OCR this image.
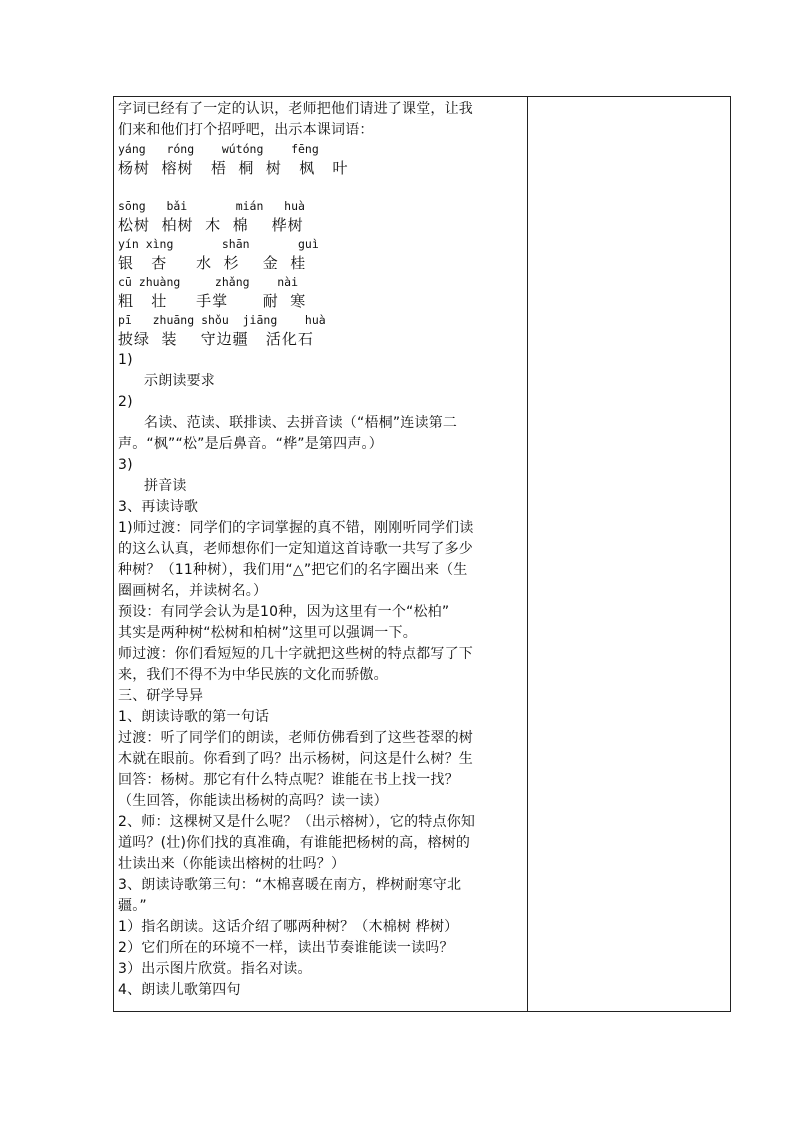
字词已经有了一定的认识，老师把他们请进了课堂，让我
们来和他们打个招呼吧，出示本课词语：
yáng   róng    wútóng    fēng
杨树  榕树   梧  桐  树   枫   叶
sōng   bǎi       mián   huà
松树  柏树  木  棉    桦树
yín xìng       shān       guì
银   杏     水  杉    金  桂
cū zhuàng     zhǎng    nài
粗   壮     手掌      耐  寒
pī   zhuāng shǒu  jiāng    huà
披绿  装    守边疆   活化石
1)
示朗读要求
2)
名读、范读、联排读、去拼音读（“梧桐”连读第二
声。“枫”“松”是后鼻音。“桦”是第四声。）
3)
拼音读
3、再读诗歌
1)师过渡：同学们的字词掌握的真不错，刚刚听同学们读
的这么认真，老师想你们一定知道这首诗歌一共写了多少
种树？（11种树），我们用“△”把它们的名字圈出来（生
圈画树名，并读树名。）
预设：有同学会认为是10种，因为这里有一个“松柏”
其实是两种树“松树和柏树”这里可以强调一下。
师过渡：你们看短短的几十字就把这些树的特点都写了下
来，我们不得不为中华民族的文化而骄傲。
三、研学导异
1、朗读诗歌的第一句话
过渡：听了同学们的朗读，老师仿佛看到了这些苍翠的树
木就在眼前。你看到了吗？出示杨树，问这是什么树？生
回答：杨树。那它有什么特点呢？谁能在书上找一找？
（生回答，你能读出杨树的高吗？读一读）
2、师：这棵树又是什么呢？（出示榕树），它的特点你知
道吗？(壮)你们找的真准确，有谁能把杨树的高，榕树的
壮读出来（你能读出榕树的壮吗？）
3、朗读诗歌第三句：“木棉喜暖在南方，桦树耐寒守北
疆。”
1）指名朗读。这话介绍了哪两种树？（木棉树 桦树）
2）它们所在的环境不一样，读出节奏谁能读一读吗？
3）出示图片欣赏。指名对读。
4、朗读儿歌第四句
